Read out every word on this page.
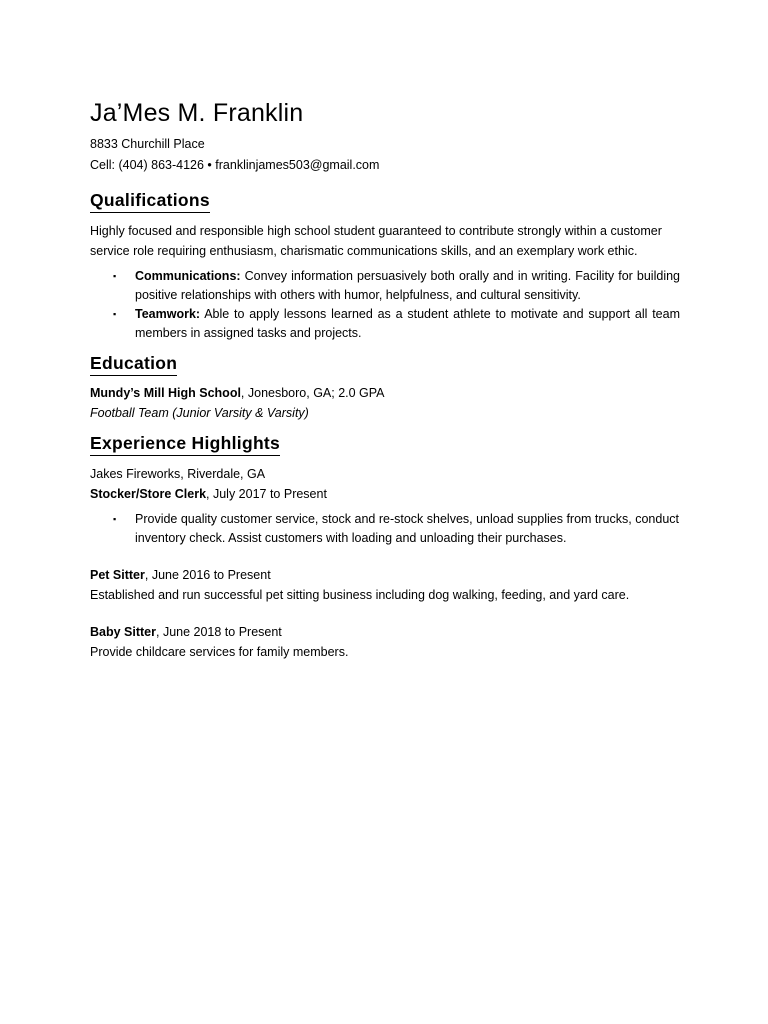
Ja’Mes M. Franklin
8833 Churchill Place
Cell: (404) 863-4126 • franklinjames503@gmail.com
Qualifications

Highly focused and responsible high school student guaranteed to contribute strongly within a customer service role requiring enthusiasm, charismatic communications skills, and an exemplary work ethic.

▪ Communications: Convey information persuasively both orally and in writing. Facility for building positive relationships with others with humor, helpfulness, and cultural sensitivity.
▪ Teamwork: Able to apply lessons learned as a student athlete to motivate and support all team members in assigned tasks and projects.
Education
Mundy’s Mill High School, Jonesboro, GA; 2.0 GPA
Football Team (Junior Varsity & Varsity)
Experience Highlights
Jakes Fireworks, Riverdale, GA
Stocker/Store Clerk, July 2017 to Present
▪ Provide quality customer service, stock and re-stock shelves, unload supplies from trucks, conduct inventory check. Assist customers with loading and unloading their purchases.
Pet Sitter, June 2016 to Present
Established and run successful pet sitting business including dog walking, feeding, and yard care.
Baby Sitter, June 2018 to Present
Provide childcare services for family members.
